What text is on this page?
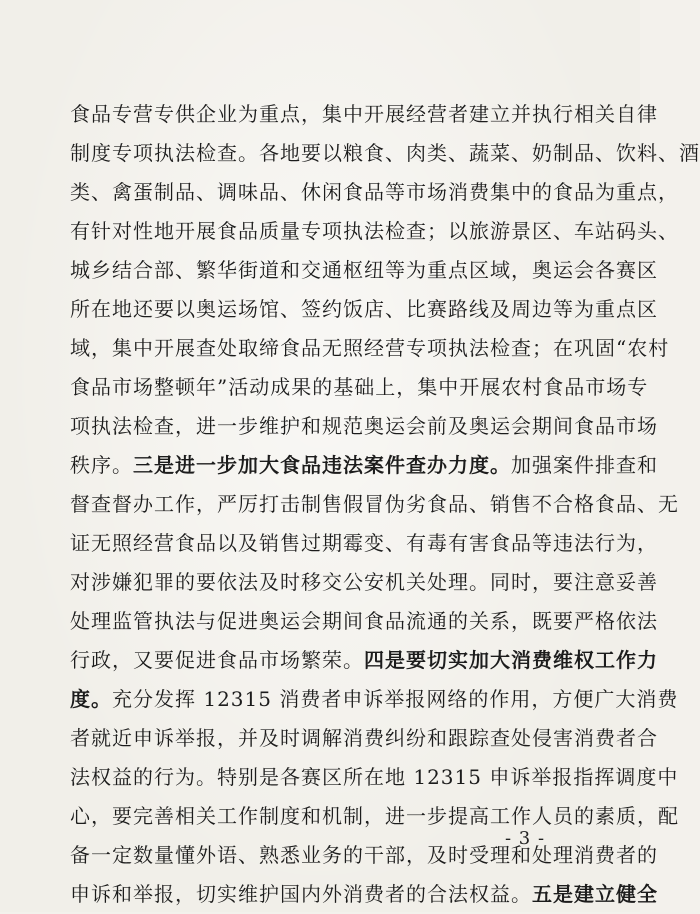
食品专营专供企业为重点，集中开展经营者建立并执行相关自律
制度专项执法检查。各地要以粮食、肉类、蔬菜、奶制品、饮料、酒
类、禽蛋制品、调味品、休闲食品等市场消费集中的食品为重点，
有针对性地开展食品质量专项执法检查；以旅游景区、车站码头、
城乡结合部、繁华街道和交通枢纽等为重点区域，奥运会各赛区
所在地还要以奥运场馆、签约饭店、比赛路线及周边等为重点区
域，集中开展查处取缔食品无照经营专项执法检查；在巩固“农村
食品市场整顿年”活动成果的基础上，集中开展农村食品市场专
项执法检查，进一步维护和规范奥运会前及奥运会期间食品市场
秩序。三是进一步加大食品违法案件查办力度。加强案件排查和
督查督办工作，严厉打击制售假冒伪劣食品、销售不合格食品、无
证无照经营食品以及销售过期霉变、有毒有害食品等违法行为，
对涉嫌犯罪的要依法及时移交公安机关处理。同时，要注意妥善
处理监管执法与促进奥运会期间食品流通的关系，既要严格依法
行政，又要促进食品市场繁荣。四是要切实加大消费维权工作力
度。充分发挥 12315 消费者申诉举报网络的作用，方便广大消费
者就近申诉举报，并及时调解消费纠纷和跟踪查处侵害消费者合
法权益的行为。特别是各赛区所在地 12315 申诉举报指挥调度中
心，要完善相关工作制度和机制，进一步提高工作人员的素质，配
备一定数量懂外语、熟悉业务的干部，及时受理和处理消费者的
申诉和举报，切实维护国内外消费者的合法权益。五是建立健全
- 3 -
